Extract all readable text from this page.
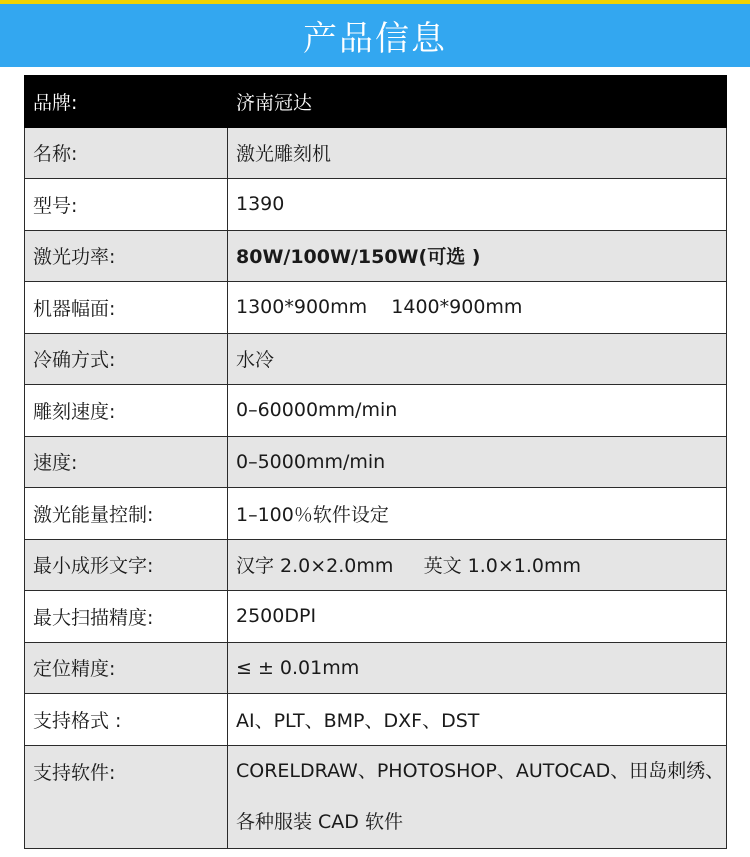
产品信息
品牌:	济南冠达
名称:	激光雕刻机
型号:	1390
激光功率:	80W/100W/150W(可选 )
机器幅面:	1300*900mm    1400*900mm
冷确方式:	水冷
雕刻速度:	0–60000mm/min
速度:	0–5000mm/min
激光能量控制:	1–100％软件设定
最小成形文字:	汉字 2.0×2.0mm     英文 1.0×1.0mm
最大扫描精度:	2500DPI
定位精度:	≤ ± 0.01mm
支持格式 :	AI、PLT、BMP、DXF、DST
支持软件:	CORELDRAW、PHOTOSHOP、AUTOCAD、田岛刺绣、
各种服装 CAD 软件
